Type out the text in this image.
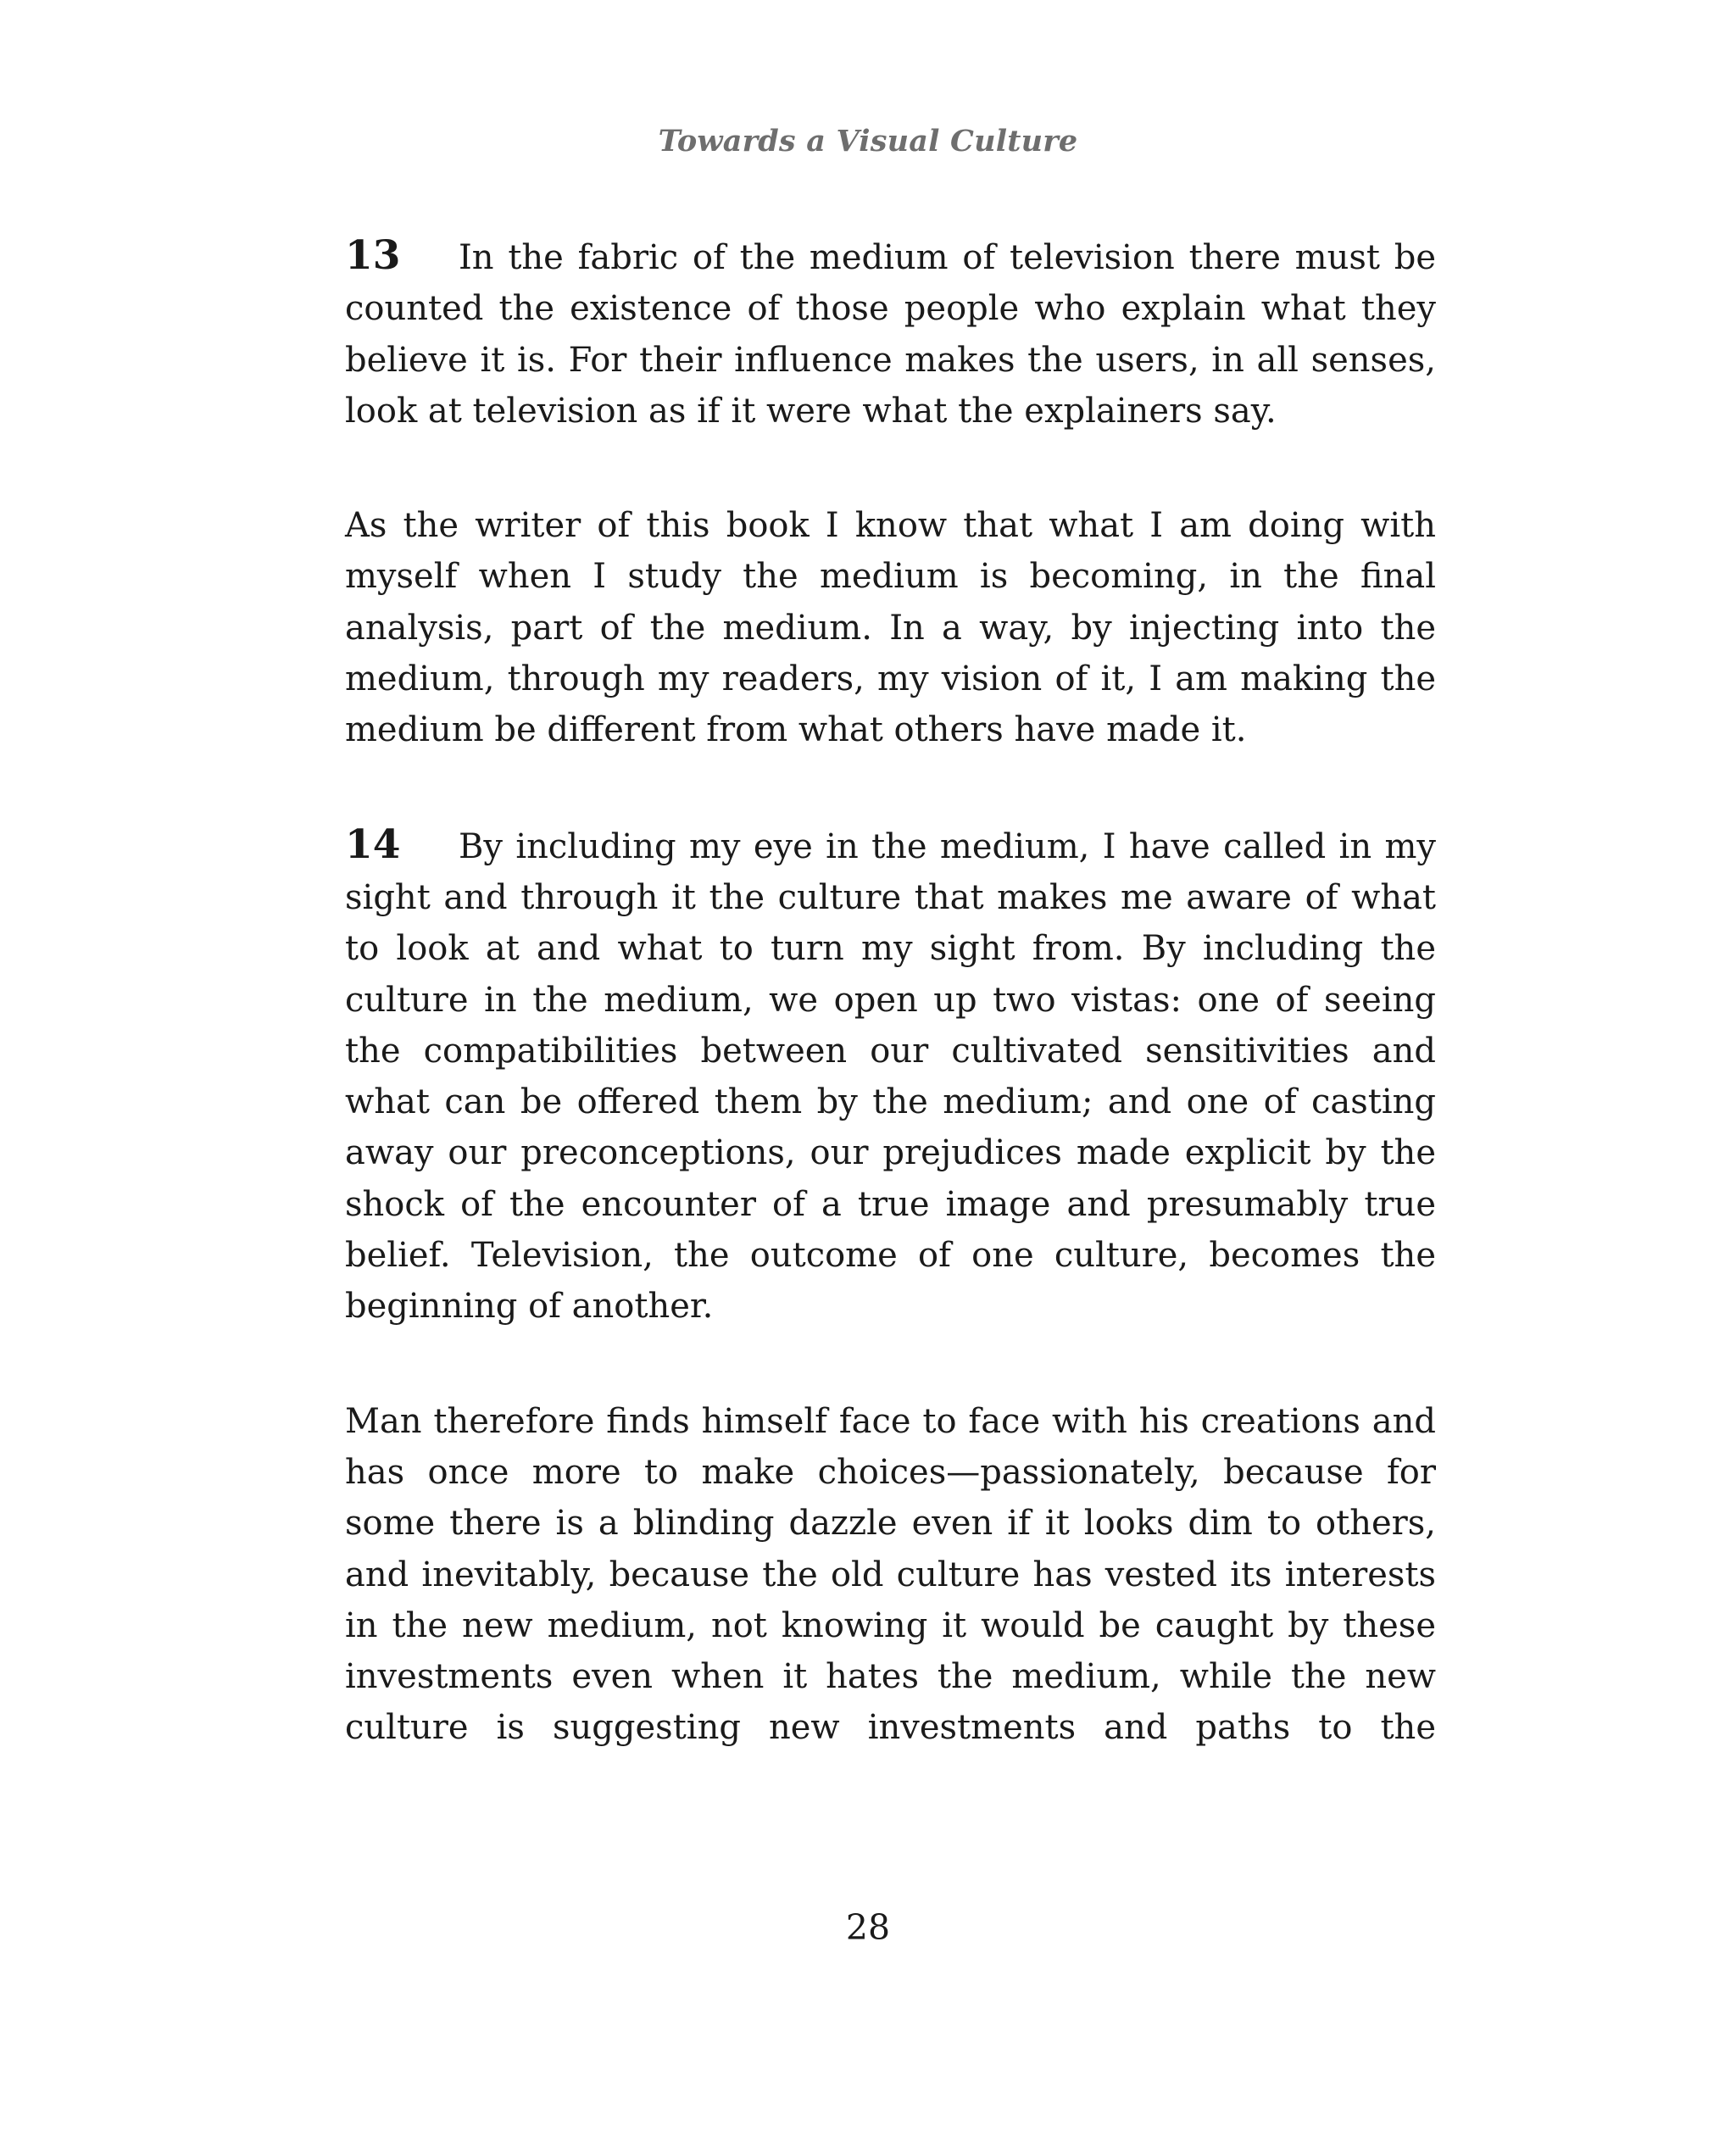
Towards a Visual Culture

13 In the fabric of the medium of television there must be counted the existence of those people who explain what they believe it is. For their influence makes the users, in all senses, look at television as if it were what the explainers say.

As the writer of this book I know that what I am doing with myself when I study the medium is becoming, in the final analysis, part of the medium. In a way, by injecting into the medium, through my readers, my vision of it, I am making the medium be different from what others have made it.

14 By including my eye in the medium, I have called in my sight and through it the culture that makes me aware of what to look at and what to turn my sight from. By including the culture in the medium, we open up two vistas: one of seeing the compatibilities between our cultivated sensitivities and what can be offered them by the medium; and one of casting away our preconceptions, our prejudices made explicit by the shock of the encounter of a true image and presumably true belief. Television, the outcome of one culture, becomes the beginning of another.

Man therefore finds himself face to face with his creations and has once more to make choices—passionately, because for some there is a blinding dazzle even if it looks dim to others, and inevitably, because the old culture has vested its interests in the new medium, not knowing it would be caught by these investments even when it hates the medium, while the new culture is suggesting new investments and paths to the

28
